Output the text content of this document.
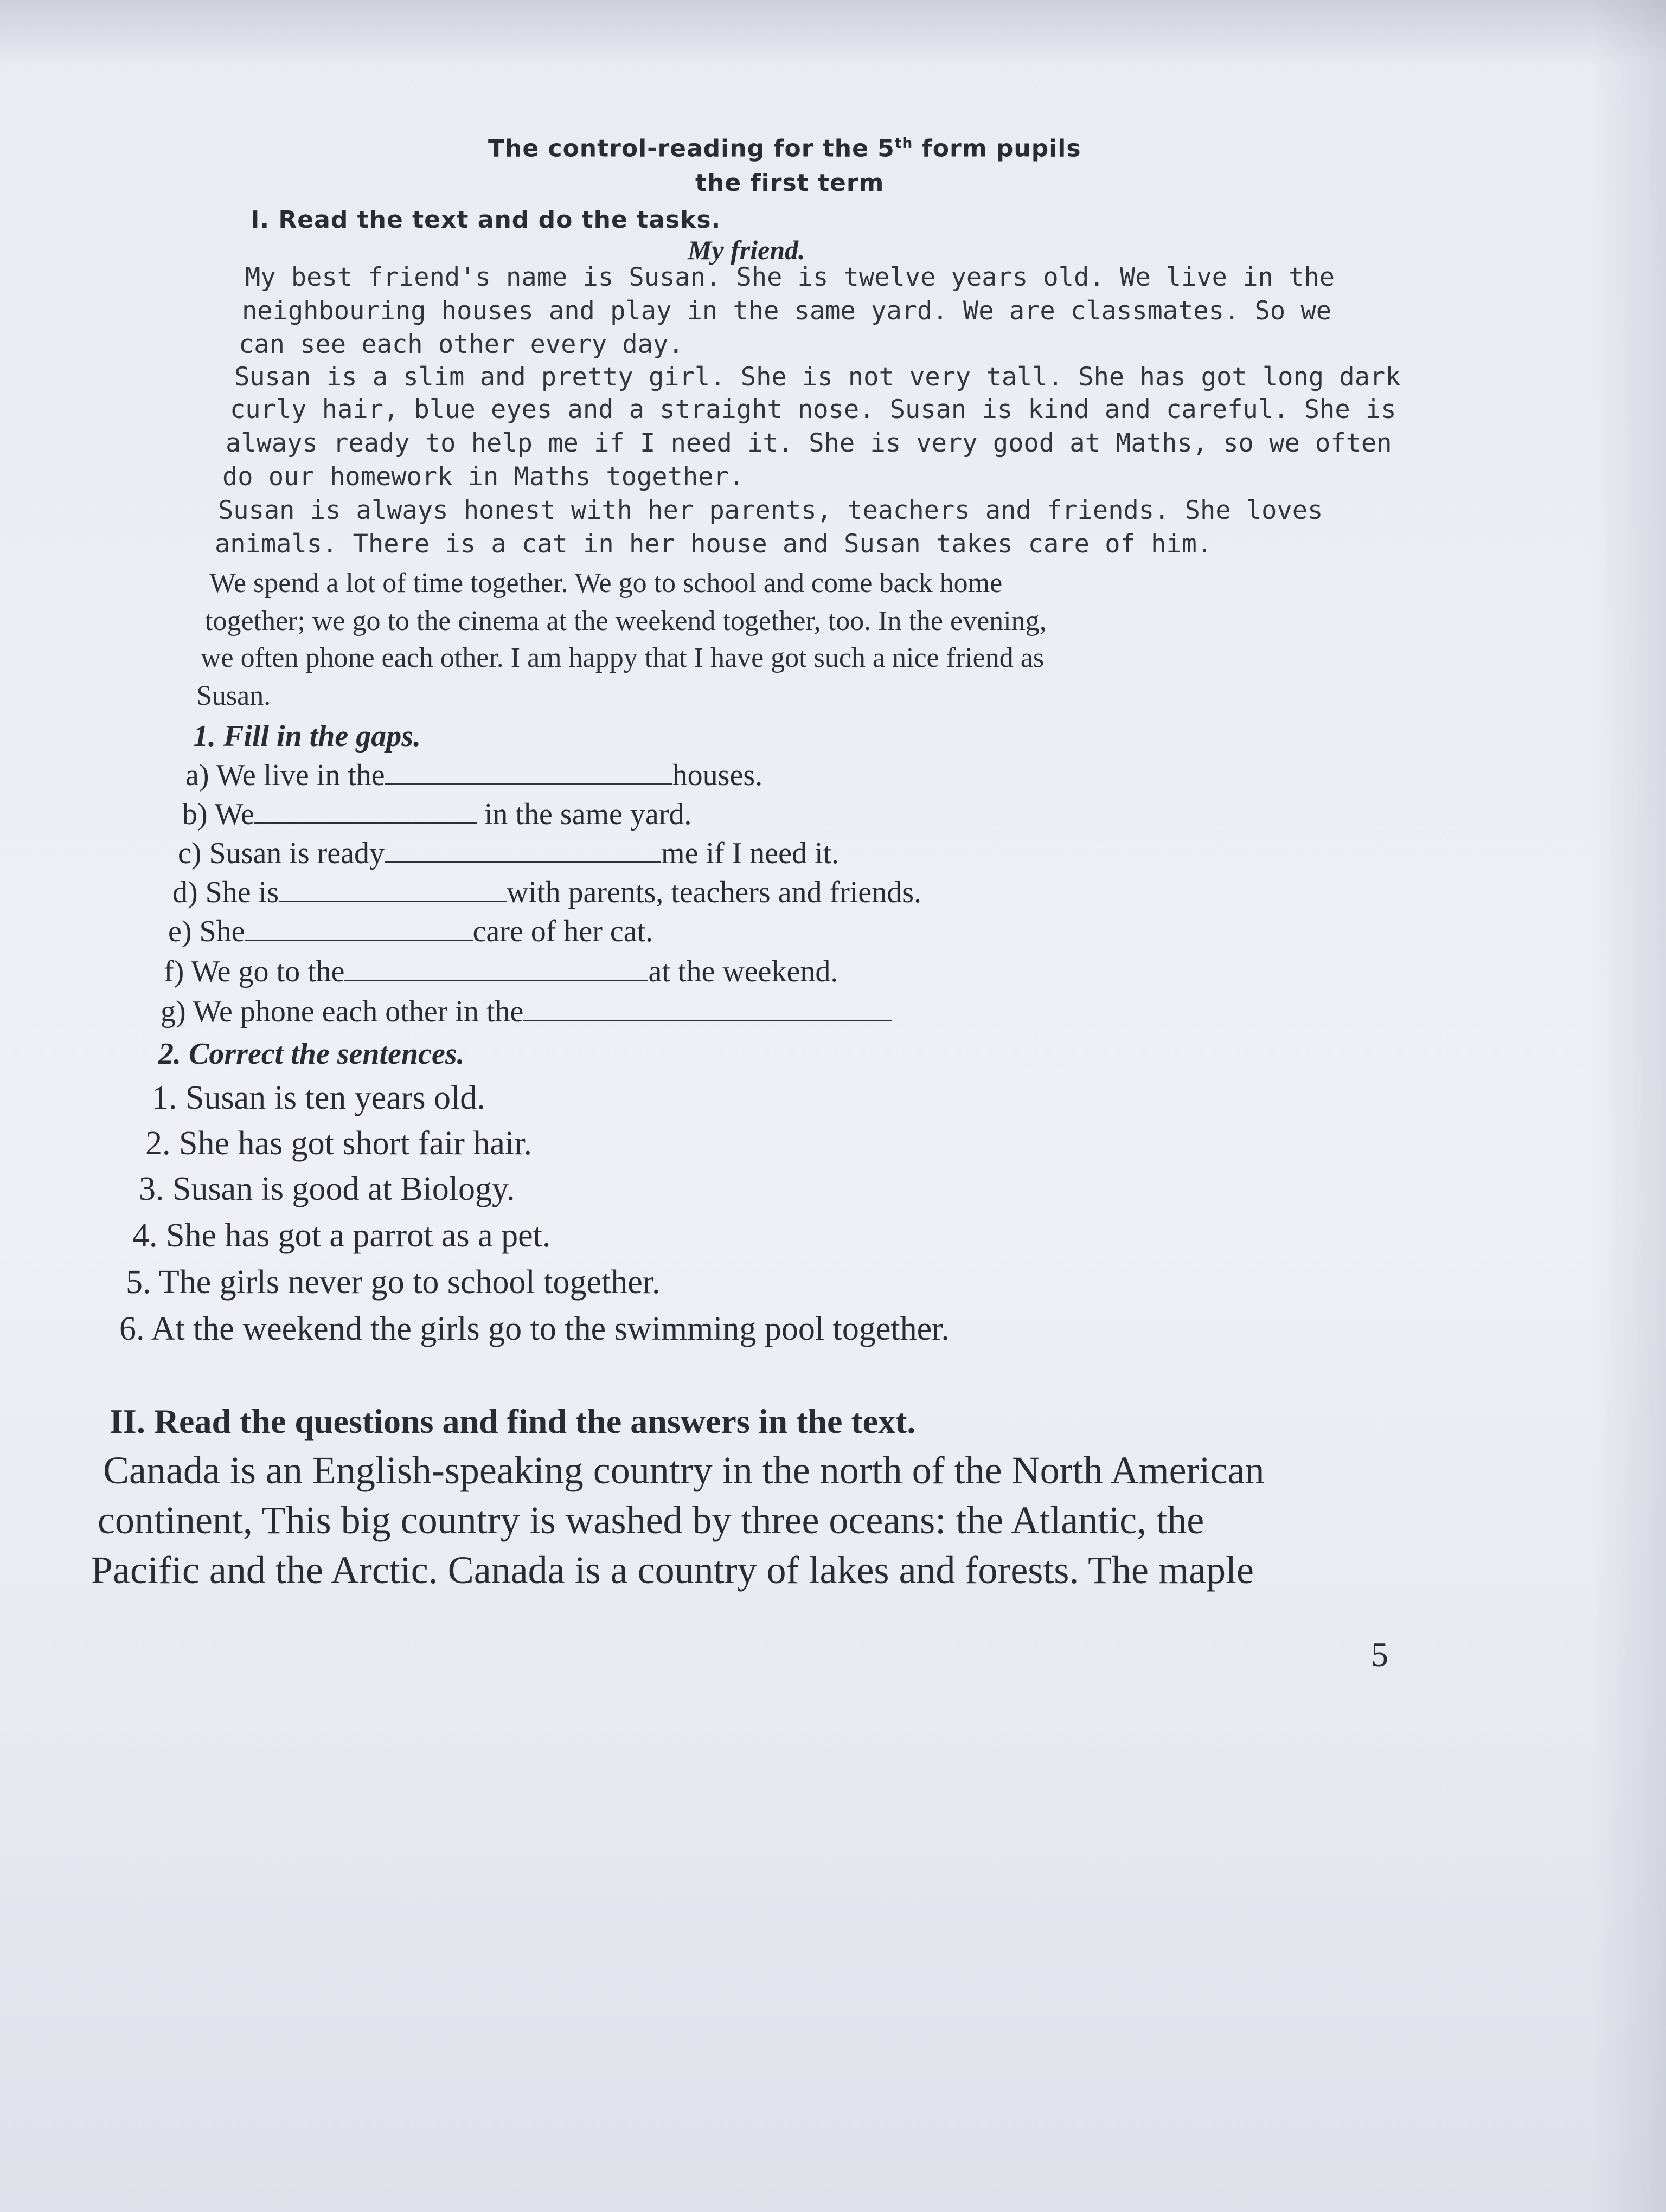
The control-reading for the 5th form pupils
the first term
I. Read the text and do the tasks.
My friend.
My best friend's name is Susan. She is twelve years old. We live in the
neighbouring houses and play in the same yard. We are classmates. So we
can see each other every day.
Susan is a slim and pretty girl. She is not very tall. She has got long dark
curly hair, blue eyes and a straight nose. Susan is kind and careful. She is
always ready to help me if I need it. She is very good at Maths, so we often
do our homework in Maths together.
Susan is always honest with her parents, teachers and friends. She loves
animals. There is a cat in her house and Susan takes care of him.
We spend a lot of time together. We go to school and come back home
together; we go to the cinema at the weekend together, too. In the evening,
we often phone each other. I am happy that I have got such a nice friend as
Susan.
1. Fill in the gaps.
a) We live in the	houses.
b) We	in the same yard.
c) Susan is ready	me if I need it.
d) She is	with parents, teachers and friends.
e) She	care of her cat.
f) We go to the	at the weekend.
g) We phone each other in the
2. Correct the sentences.
1. Susan is ten years old.
2. She has got short fair hair.
3. Susan is good at Biology.
4. She has got a parrot as a pet.
5. The girls never go to school together.
6. At the weekend the girls go to the swimming pool together.
II. Read the questions and find the answers in the text.
Canada is an English-speaking country in the north of the North American
continent, This big country is washed by three oceans: the Atlantic, the
Pacific and the Arctic. Canada is a country of lakes and forests. The maple
5
